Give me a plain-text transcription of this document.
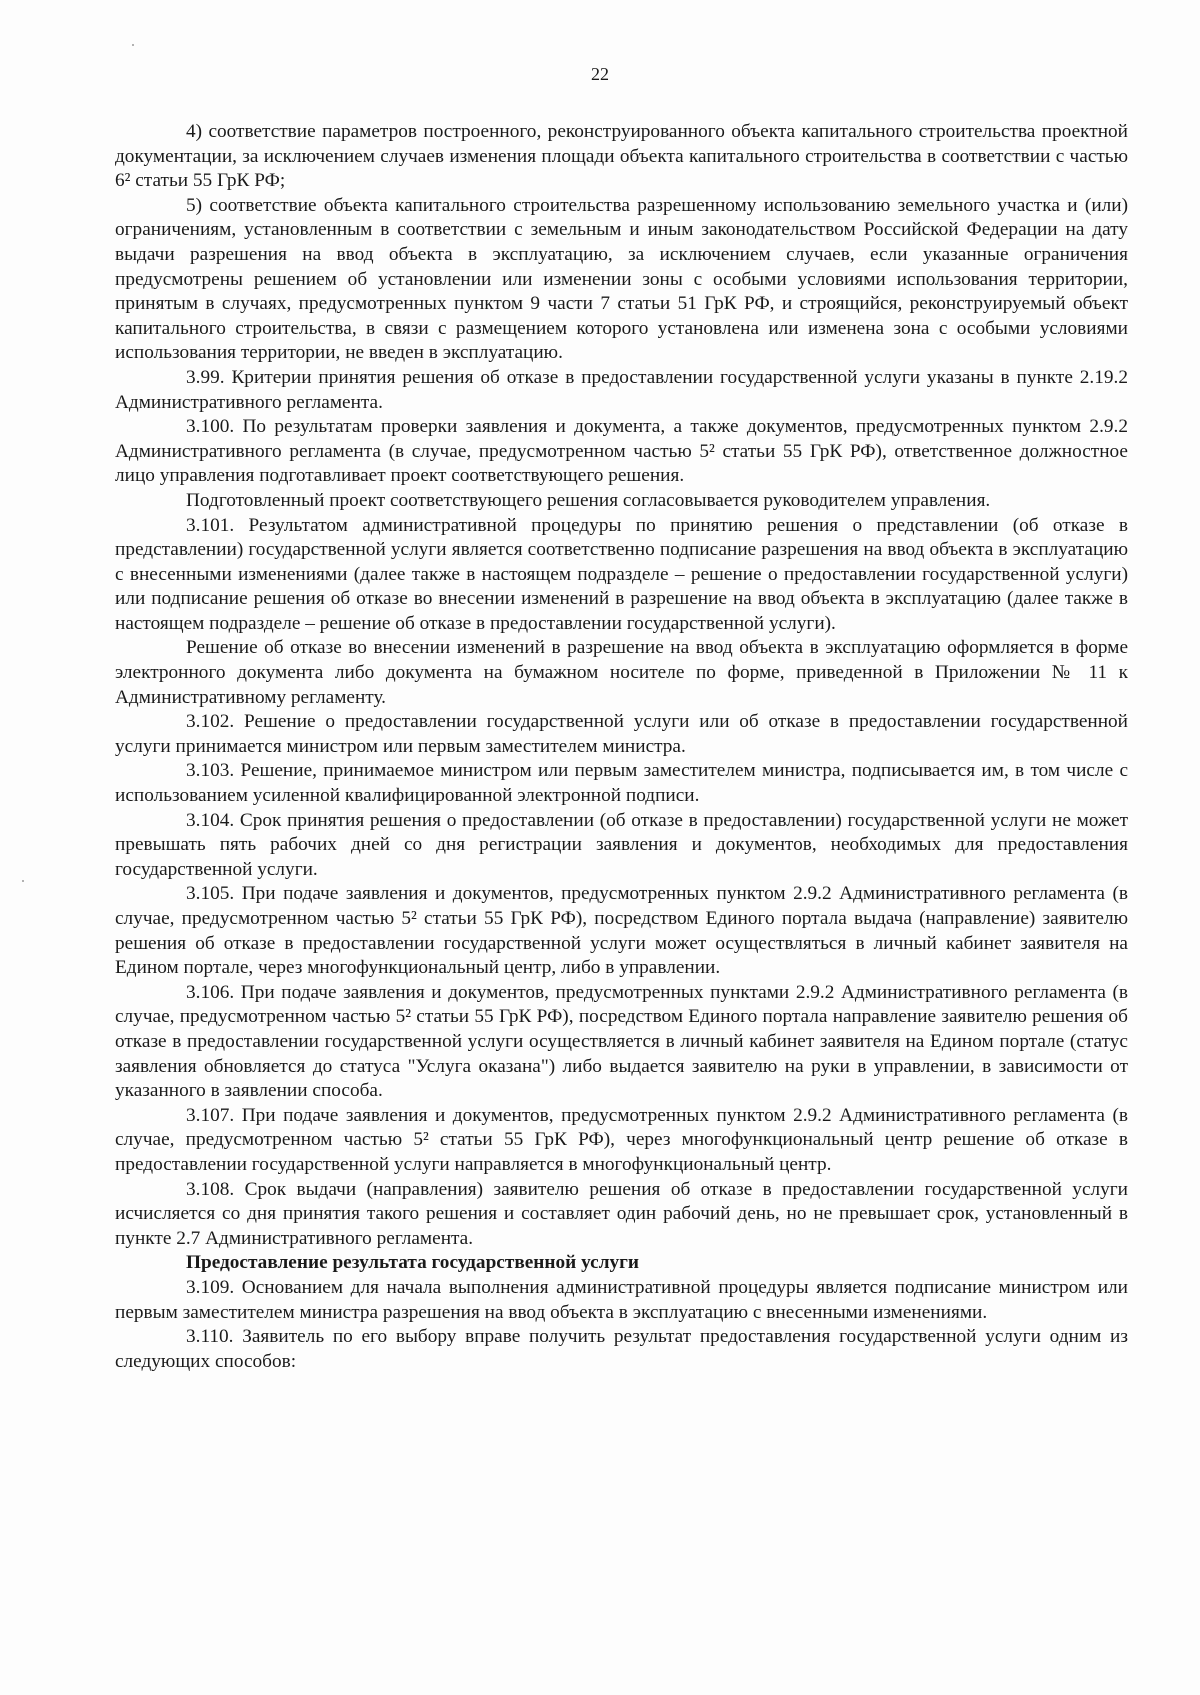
22

4) соответствие параметров построенного, реконструированного объекта капитального строительства проектной документации, за исключением случаев изменения площади объекта капитального строительства в соответствии с частью 6² статьи 55 ГрК РФ;

5) соответствие объекта капитального строительства разрешенному использованию земельного участка и (или) ограничениям, установленным в соответствии с земельным и иным законодательством Российской Федерации на дату выдачи разрешения на ввод объекта в эксплуатацию, за исключением случаев, если указанные ограничения предусмотрены решением об установлении или изменении зоны с особыми условиями использования территории, принятым в случаях, предусмотренных пунктом 9 части 7 статьи 51 ГрК РФ, и строящийся, реконструируемый объект капитального строительства, в связи с размещением которого установлена или изменена зона с особыми условиями использования территории, не введен в эксплуатацию.

3.99. Критерии принятия решения об отказе в предоставлении государственной услуги указаны в пункте 2.19.2 Административного регламента.

3.100. По результатам проверки заявления и документа, а также документов, предусмотренных пунктом 2.9.2 Административного регламента (в случае, предусмотренном частью 5² статьи 55 ГрК РФ), ответственное должностное лицо управления подготавливает проект соответствующего решения.

Подготовленный проект соответствующего решения согласовывается руководителем управления.

3.101. Результатом административной процедуры по принятию решения о представлении (об отказе в представлении) государственной услуги является соответственно подписание разрешения на ввод объекта в эксплуатацию с внесенными изменениями (далее также в настоящем подразделе – решение о предоставлении государственной услуги) или подписание решения об отказе во внесении изменений в разрешение на ввод объекта в эксплуатацию (далее также в настоящем подразделе – решение об отказе в предоставлении государственной услуги).

Решение об отказе во внесении изменений в разрешение на ввод объекта в эксплуатацию оформляется в форме электронного документа либо документа на бумажном носителе по форме, приведенной в Приложении № 11 к Административному регламенту.

3.102. Решение о предоставлении государственной услуги или об отказе в предоставлении государственной услуги принимается министром или первым заместителем министра.

3.103. Решение, принимаемое министром или первым заместителем министра, подписывается им, в том числе с использованием усиленной квалифицированной электронной подписи.

3.104. Срок принятия решения о предоставлении (об отказе в предоставлении) государственной услуги не может превышать пять рабочих дней со дня регистрации заявления и документов, необходимых для предоставления государственной услуги.

3.105. При подаче заявления и документов, предусмотренных пунктом 2.9.2 Административного регламента (в случае, предусмотренном частью 5² статьи 55 ГрК РФ), посредством Единого портала выдача (направление) заявителю решения об отказе в предоставлении государственной услуги может осуществляться в личный кабинет заявителя на Едином портале, через многофункциональный центр, либо в управлении.

3.106. При подаче заявления и документов, предусмотренных пунктами 2.9.2 Административного регламента (в случае, предусмотренном частью 5² статьи 55 ГрК РФ), посредством Единого портала направление заявителю решения об отказе в предоставлении государственной услуги осуществляется в личный кабинет заявителя на Едином портале (статус заявления обновляется до статуса "Услуга оказана") либо выдается заявителю на руки в управлении, в зависимости от указанного в заявлении способа.

3.107. При подаче заявления и документов, предусмотренных пунктом 2.9.2 Административного регламента (в случае, предусмотренном частью 5² статьи 55 ГрК РФ), через многофункциональный центр решение об отказе в предоставлении государственной услуги направляется в многофункциональный центр.

3.108. Срок выдачи (направления) заявителю решения об отказе в предоставлении государственной услуги исчисляется со дня принятия такого решения и составляет один рабочий день, но не превышает срок, установленный в пункте 2.7 Административного регламента.

Предоставление результата государственной услуги

3.109. Основанием для начала выполнения административной процедуры является подписание министром или первым заместителем министра разрешения на ввод объекта в эксплуатацию с внесенными изменениями.

3.110. Заявитель по его выбору вправе получить результат предоставления государственной услуги одним из следующих способов:
